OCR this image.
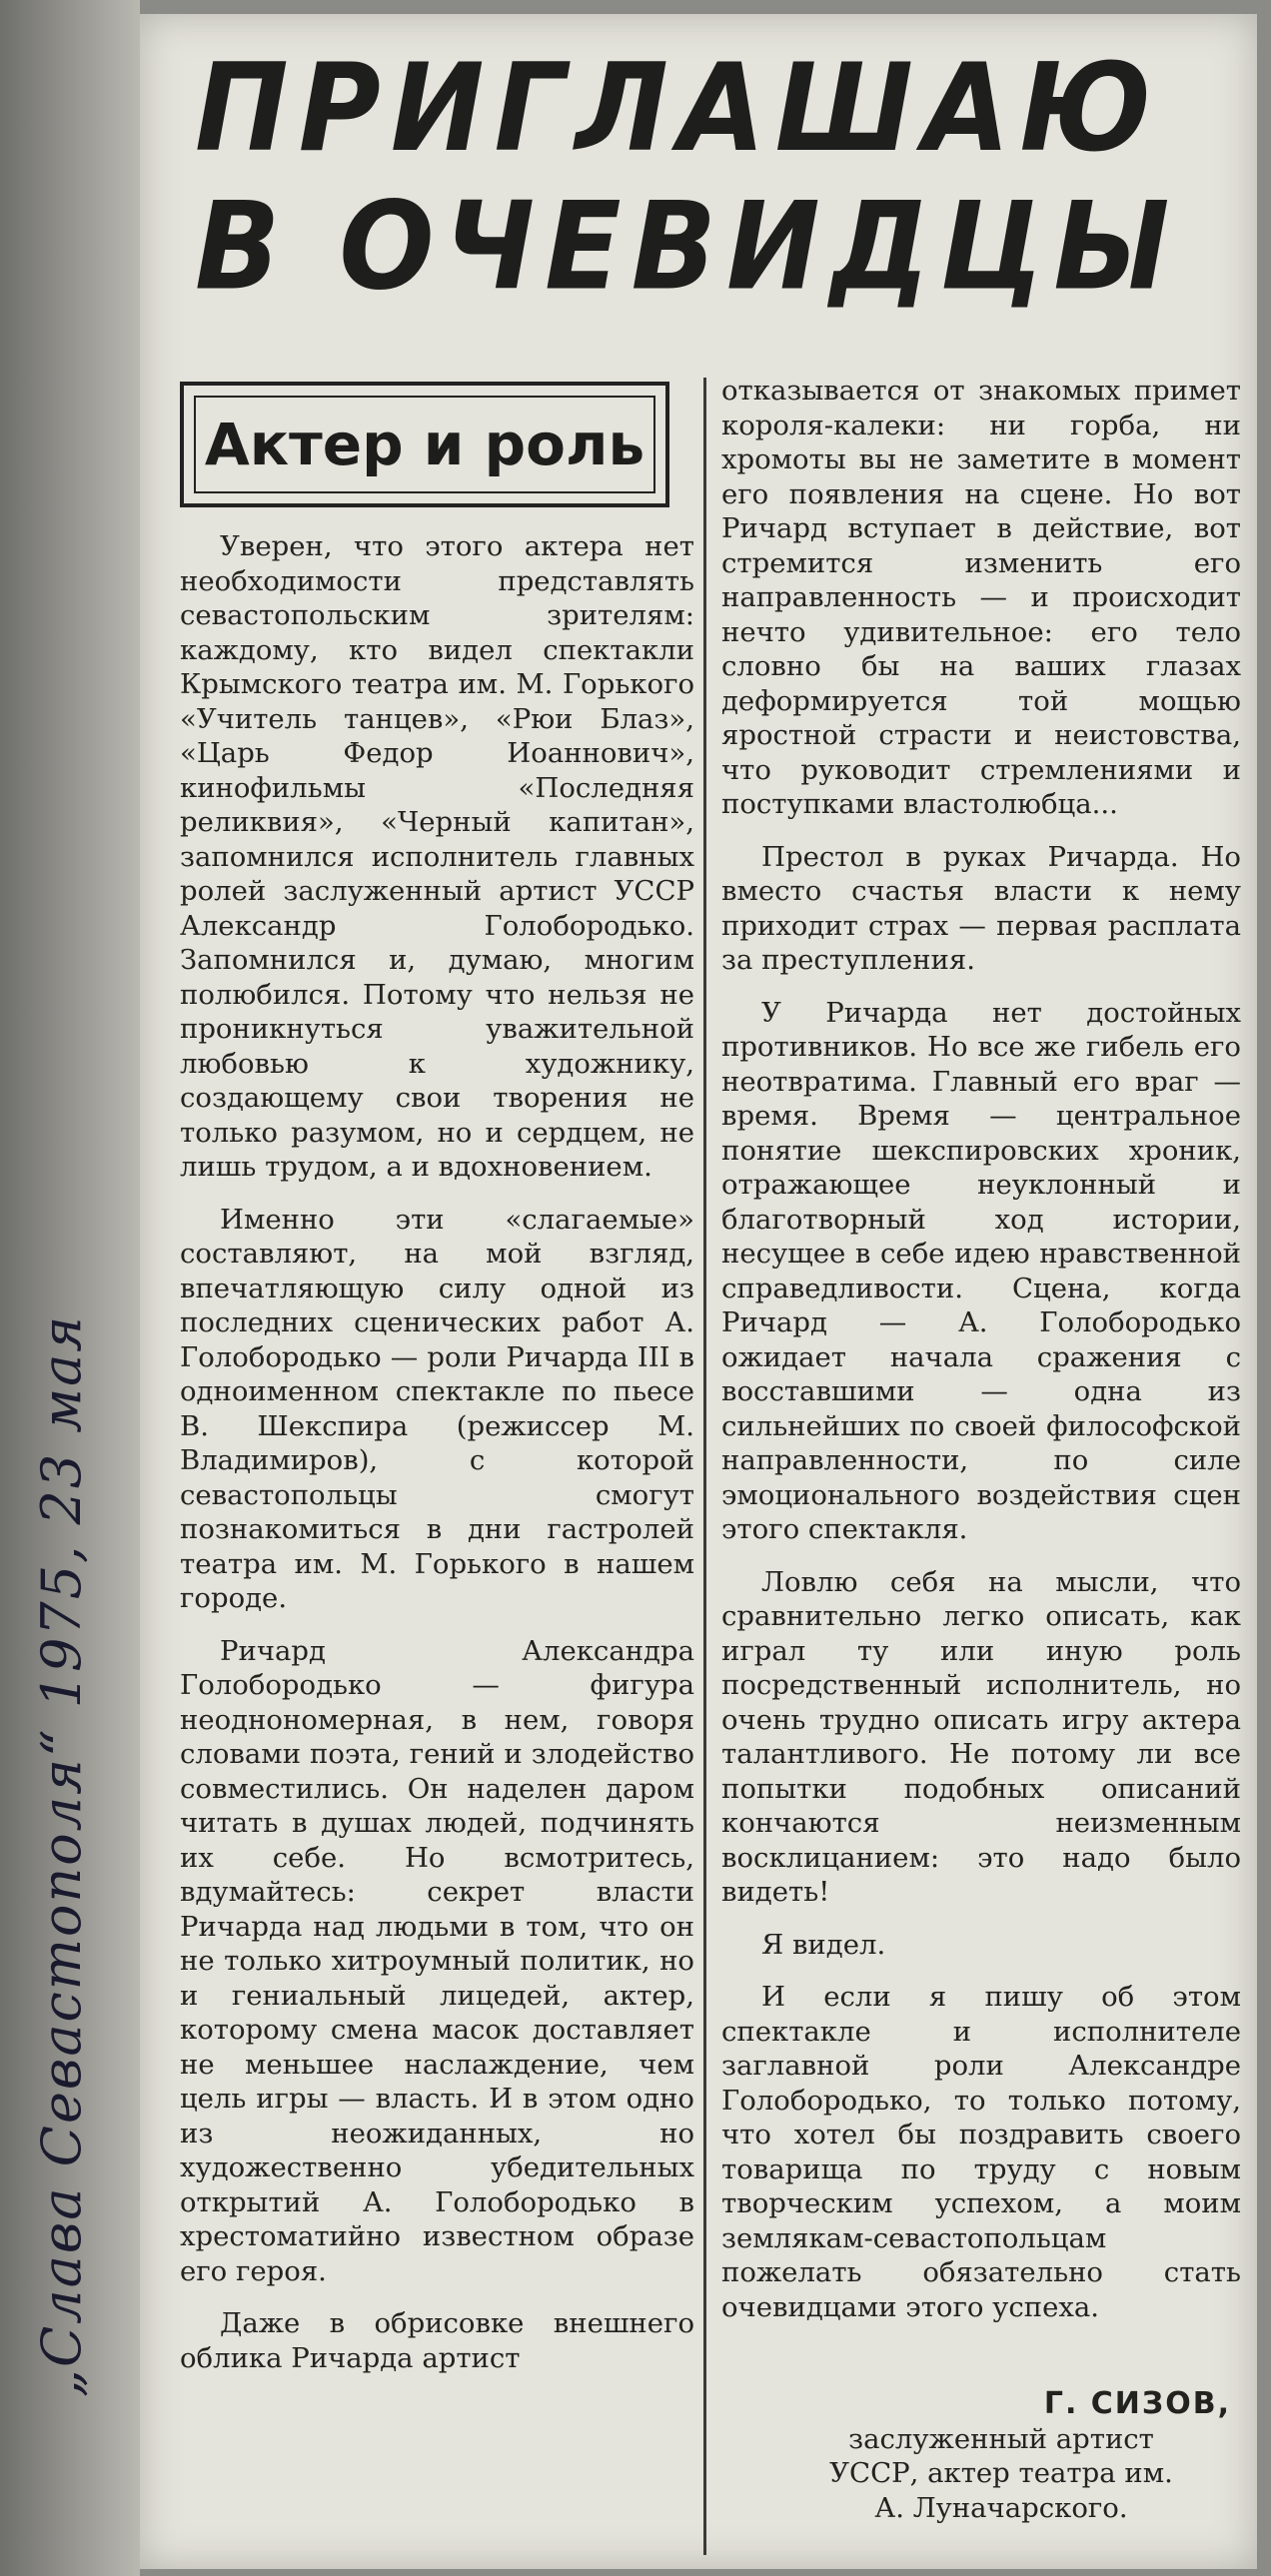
„Слава Севастополя“ 1975, 23 мая
ПРИГЛАШАЮ
В ОЧЕВИДЦЫ
Актер и роль

Уверен, что этого актера нет необходимости представлять севастопольским зрителям: каждому, кто видел спектакли Крымского театра им. М. Горького «Учитель танцев», «Рюи Блаз», «Царь Федор Иоаннович», кинофильмы «Последняя реликвия», «Черный капитан», запомнился исполнитель главных ролей заслуженный артист УССР Александр Голобородько. Запомнился и, думаю, многим полюбился. Потому что нельзя не проникнуться уважительной любовью к художнику, создающему свои творения не только разумом, но и сердцем, не лишь трудом, а и вдохновением.

Именно эти «слагаемые» составляют, на мой взгляд, впечатляющую силу одной из последних сценических работ А. Голобородько — роли Ричарда III в одноименном спектакле по пьесе В. Шекспира (режиссер М. Владимиров), с которой севастопольцы смогут познакомиться в дни гастролей театра им. М. Горького в нашем городе.

Ричард Александра Голобородько — фигура неоднономерная, в нем, говоря словами поэта, гений и злодейство совместились. Он наделен даром читать в душах людей, подчинять их себе. Но всмотритесь, вдумайтесь: секрет власти Ричарда над людьми в том, что он не только хитроумный политик, но и гениальный лицедей, актер, которому смена масок доставляет не меньшее наслаждение, чем цель игры — власть. И в этом одно из неожиданных, но художественно убедительных открытий А. Голобородько в хрестоматийно известном образе его героя.

Даже в обрисовке внешнего облика Ричарда артист

отказывается от знакомых примет короля-калеки: ни горба, ни хромоты вы не заметите в момент его появления на сцене. Но вот Ричард вступает в действие, вот стремится изменить его направленность — и происходит нечто удивительное: его тело словно бы на ваших глазах деформируется той мощью яростной страсти и неистовства, что руководит стремлениями и поступками властолюбца...

Престол в руках Ричарда. Но вместо счастья власти к нему приходит страх — первая расплата за преступления.

У Ричарда нет достойных противников. Но все же гибель его неотвратима. Главный его враг — время. Время — центральное понятие шекспировских хроник, отражающее неуклонный и благотворный ход истории, несущее в себе идею нравственной справедливости. Сцена, когда Ричард — А. Голобородько ожидает начала сражения с восставшими — одна из сильнейших по своей философской направленности, по силе эмоционального воздействия сцен этого спектакля.

Ловлю себя на мысли, что сравнительно легко описать, как играл ту или иную роль посредственный исполнитель, но очень трудно описать игру актера талантливого. Не потому ли все попытки подобных описаний кончаются неизменным восклицанием: это надо было видеть!

Я видел.

И если я пишу об этом спектакле и исполнителе заглавной роли Александре Голобородько, то только потому, что хотел бы поздравить своего товарища по труду с новым творческим успехом, а моим землякам-севастопольцам пожелать обязательно стать очевидцами этого успеха.

Г. СИЗОВ,
заслуженный артист
УССР, актер театра им.
А. Луначарского.
